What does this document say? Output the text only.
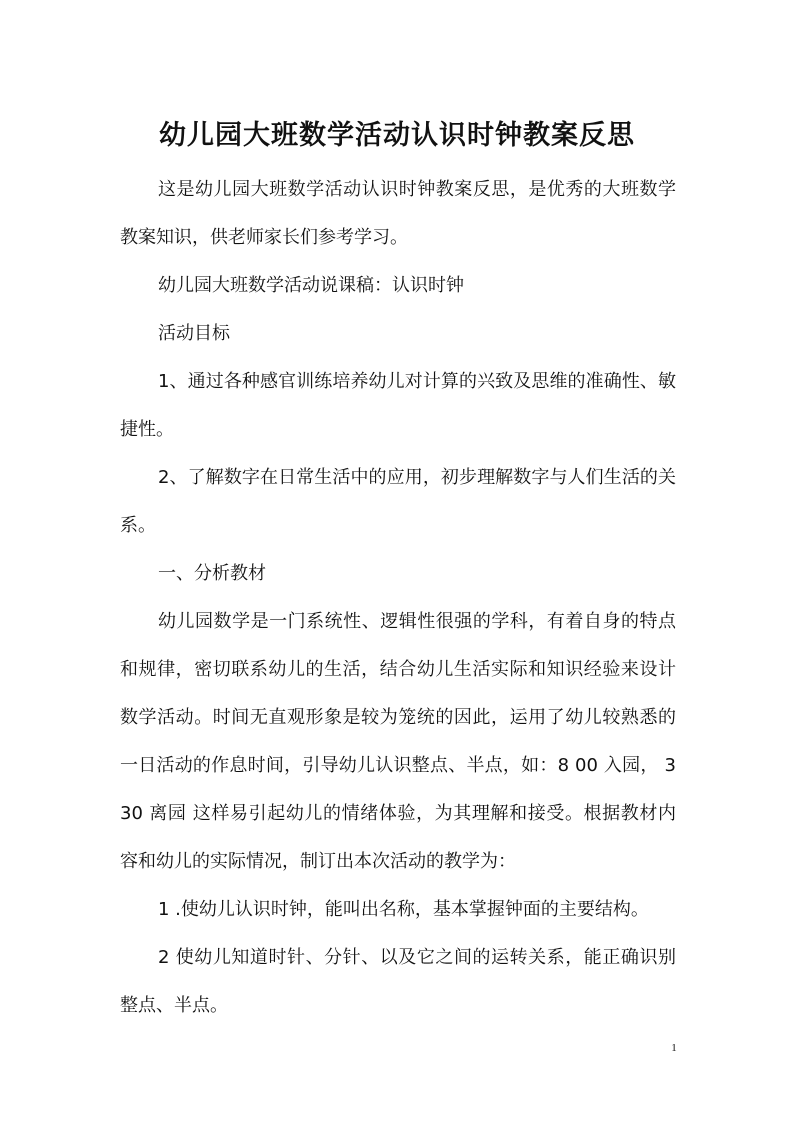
幼儿园大班数学活动认识时钟教案反思

这是幼儿园大班数学活动认识时钟教案反思，是优秀的大班数学教案知识，供老师家长们参考学习。

幼儿园大班数学活动说课稿：认识时钟

活动目标

1、通过各种感官训练培养幼儿对计算的兴致及思维的准确性、敏捷性。

2、了解数字在日常生活中的应用，初步理解数字与人们生活的关系。

一、分析教材

幼儿园数学是一门系统性、逻辑性很强的学科，有着自身的特点和规律，密切联系幼儿的生活，结合幼儿生活实际和知识经验来设计数学活动。时间无直观形象是较为笼统的因此，运用了幼儿较熟悉的一日活动的作息时间，引导幼儿认识整点、半点，如：8 00 入园， 3 30 离园 这样易引起幼儿的情绪体验，为其理解和接受。根据教材内容和幼儿的实际情况，制订出本次活动的教学为：

1 .使幼儿认识时钟，能叫出名称，基本掌握钟面的主要结构。

2 使幼儿知道时针、分针、以及它之间的运转关系，能正确识别整点、半点。

1
